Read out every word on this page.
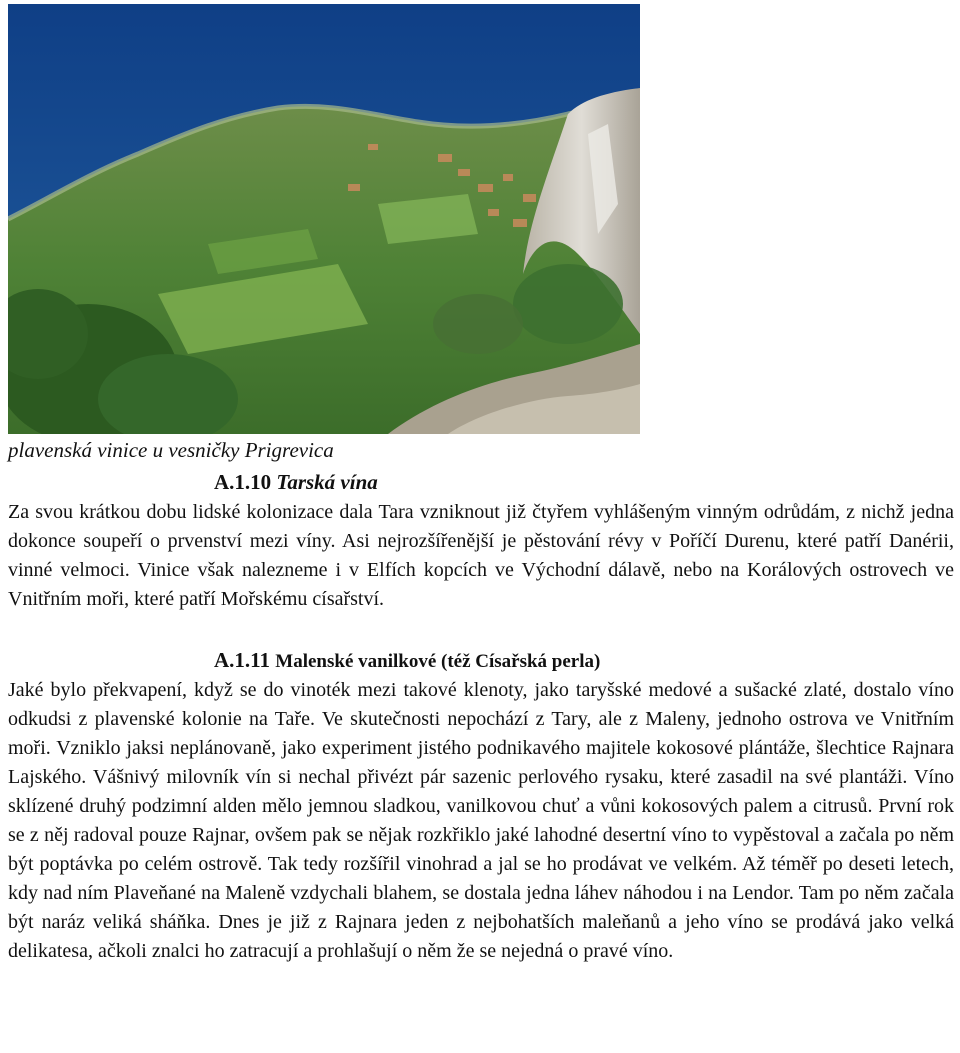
plavenská vinice u vesničky Prigrevica
A.1.10 Tarská vína

Za svou krátkou dobu lidské kolonizace dala Tara vzniknout již čtyřem vyhlášeným vinným odrůdám, z nichž jedna dokonce soupeří o prvenství mezi víny. Asi nejrozšířenější je pěstování révy v Poříčí Durenu, které patří Danérii, vinné velmoci. Vinice však nalezneme i v Elfích kopcích ve Východní dálavě, nebo na Korálových ostrovech ve Vnitřním moři, které patří Mořskému císařství.

A.1.11 Malenské vanilkové (též Císařská perla)

Jaké bylo překvapení, když se do vinoték mezi takové klenoty, jako taryšské medové a sušacké zlaté, dostalo víno odkudsi z plavenské kolonie na Taře. Ve skutečnosti nepochází z Tary, ale z Maleny, jednoho ostrova ve Vnitřním moři. Vzniklo jaksi neplánovaně, jako experiment jistého podnikavého majitele kokosové plántáže, šlechtice Rajnara Lajského. Vášnivý milovník vín si nechal přivézt pár sazenic perlového rysaku, které zasadil na své plantáži. Víno sklízené druhý podzimní alden mělo jemnou sladkou, vanilkovou chuť a vůni kokosových palem a citrusů. První rok se z něj radoval pouze Rajnar, ovšem pak se nějak rozkřiklo jaké lahodné desertní víno to vypěstoval a začala po něm být poptávka po celém ostrově. Tak tedy rozšířil vinohrad a jal se ho prodávat ve velkém. Až téměř po deseti letech, kdy nad ním Plaveňané na Maleně vzdychali blahem, se dostala jedna láhev náhodou i na Lendor. Tam po něm začala být naráz veliká sháňka. Dnes je již z Rajnara jeden z nejbohatších maleňanů a jeho víno se prodává jako velká delikatesa, ačkoli znalci ho zatracují a prohlašují o něm že se nejedná o pravé víno.
